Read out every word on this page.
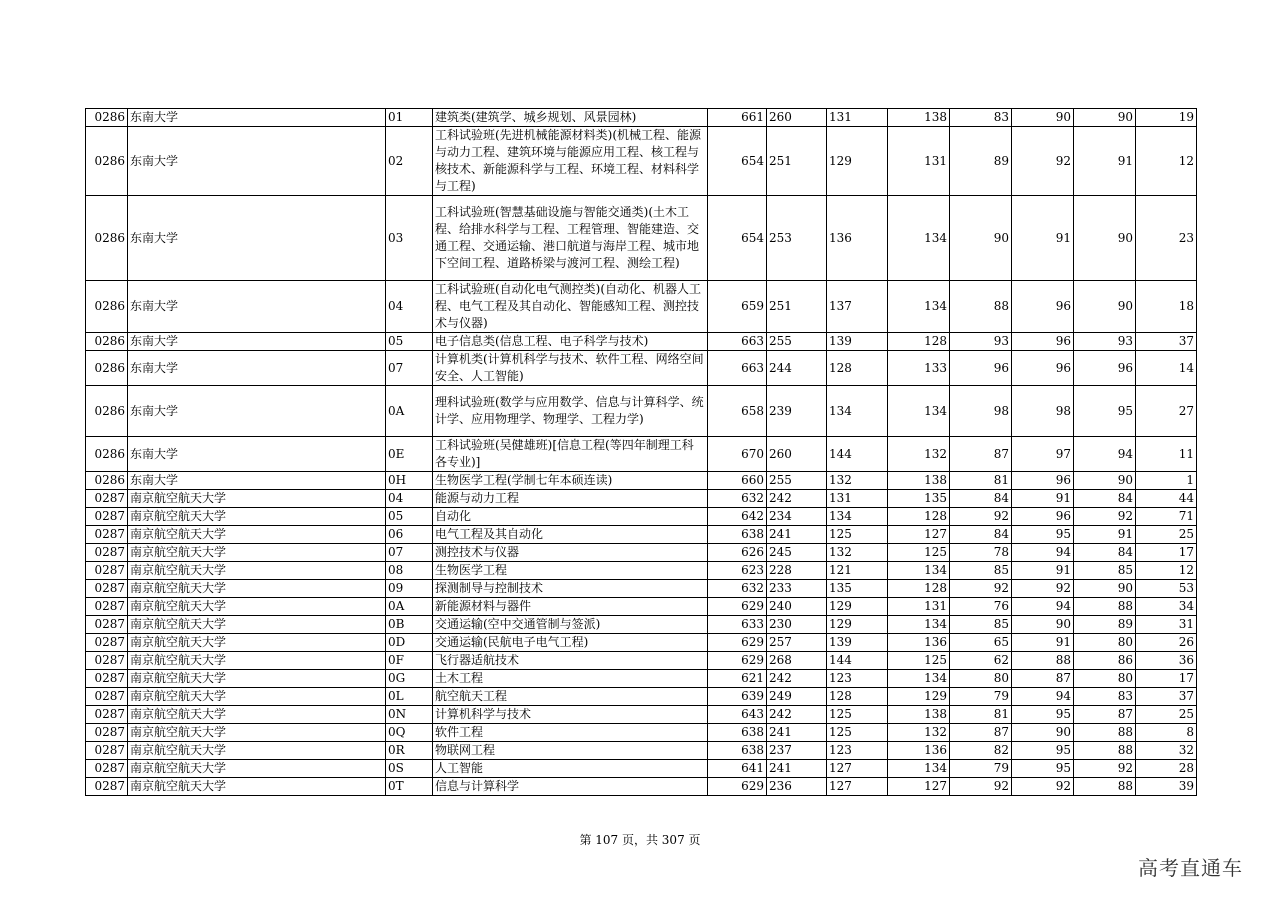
0286	东南大学	01	建筑类(建筑学、城乡规划、风景园林)	661	260	131	138	83	90	90	19
0286	东南大学	02	工科试验班(先进机械能源材料类)(机械工程、能源与动力工程、建筑环境与能源应用工程、核工程与核技术、新能源科学与工程、环境工程、材料科学与工程)	654	251	129	131	89	92	91	12
0286	东南大学	03	工科试验班(智慧基础设施与智能交通类)(土木工程、给排水科学与工程、工程管理、智能建造、交通工程、交通运输、港口航道与海岸工程、城市地下空间工程、道路桥梁与渡河工程、测绘工程)	654	253	136	134	90	91	90	23
0286	东南大学	04	工科试验班(自动化电气测控类)(自动化、机器人工程、电气工程及其自动化、智能感知工程、测控技术与仪器)	659	251	137	134	88	96	90	18
0286	东南大学	05	电子信息类(信息工程、电子科学与技术)	663	255	139	128	93	96	93	37
0286	东南大学	07	计算机类(计算机科学与技术、软件工程、网络空间安全、人工智能)	663	244	128	133	96	96	96	14
0286	东南大学	0A	理科试验班(数学与应用数学、信息与计算科学、统计学、应用物理学、物理学、工程力学)	658	239	134	134	98	98	95	27
0286	东南大学	0E	工科试验班(吴健雄班)[信息工程(等四年制理工科各专业)]	670	260	144	132	87	97	94	11
0286	东南大学	0H	生物医学工程(学制七年本硕连读)	660	255	132	138	81	96	90	1
0287	南京航空航天大学	04	能源与动力工程	632	242	131	135	84	91	84	44
0287	南京航空航天大学	05	自动化	642	234	134	128	92	96	92	71
0287	南京航空航天大学	06	电气工程及其自动化	638	241	125	127	84	95	91	25
0287	南京航空航天大学	07	测控技术与仪器	626	245	132	125	78	94	84	17
0287	南京航空航天大学	08	生物医学工程	623	228	121	134	85	91	85	12
0287	南京航空航天大学	09	探测制导与控制技术	632	233	135	128	92	92	90	53
0287	南京航空航天大学	0A	新能源材料与器件	629	240	129	131	76	94	88	34
0287	南京航空航天大学	0B	交通运输(空中交通管制与签派)	633	230	129	134	85	90	89	31
0287	南京航空航天大学	0D	交通运输(民航电子电气工程)	629	257	139	136	65	91	80	26
0287	南京航空航天大学	0F	飞行器适航技术	629	268	144	125	62	88	86	36
0287	南京航空航天大学	0G	土木工程	621	242	123	134	80	87	80	17
0287	南京航空航天大学	0L	航空航天工程	639	249	128	129	79	94	83	37
0287	南京航空航天大学	0N	计算机科学与技术	643	242	125	138	81	95	87	25
0287	南京航空航天大学	0Q	软件工程	638	241	125	132	87	90	88	8
0287	南京航空航天大学	0R	物联网工程	638	237	123	136	82	95	88	32
0287	南京航空航天大学	0S	人工智能	641	241	127	134	79	95	92	28
0287	南京航空航天大学	0T	信息与计算科学	629	236	127	127	92	92	88	39
第 107 页，共 307 页
高考直通车
